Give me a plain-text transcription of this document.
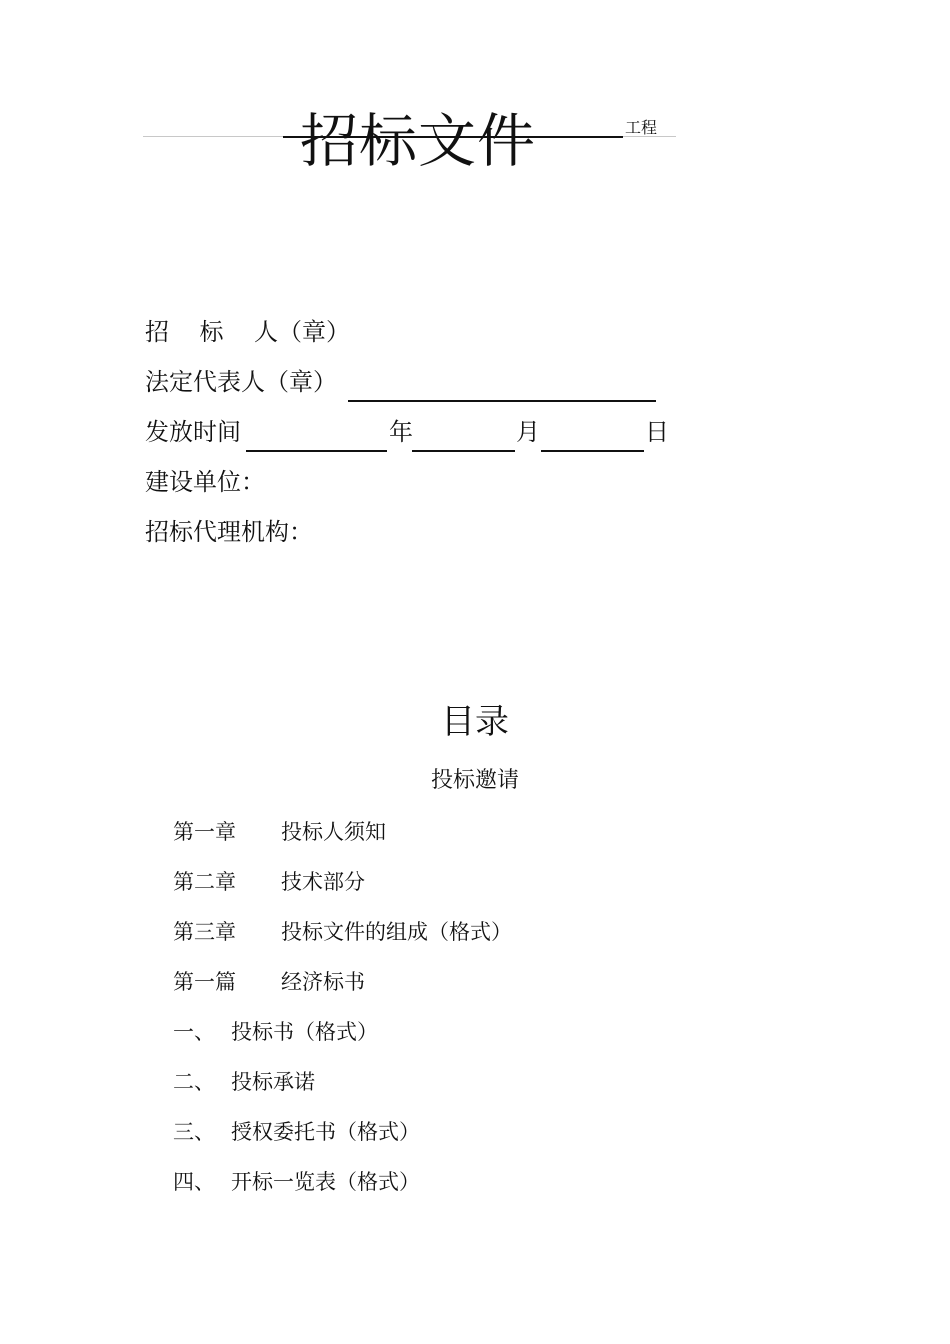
招标文件	工程
招    标    人（章）
法定代表人（章）
发放时间	年	月	日
建设单位：
招标代理机构：
目录
投标邀请
第一章 投标人须知
第二章 技术部分
第三章 投标文件的组成（格式）
第一篇 经济标书
一、 投标书（格式）
二、 投标承诺
三、 授权委托书（格式）
四、 开标一览表（格式）
